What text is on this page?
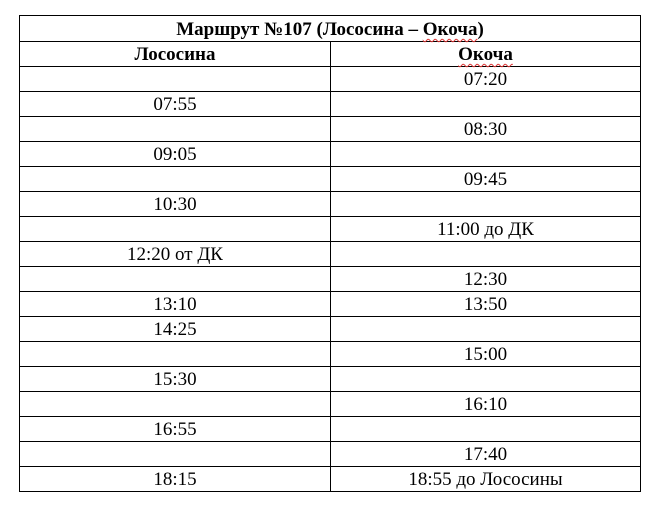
Маршрут №107 (Лососина – Окоча)	
Лососина	Окоча
	07:20
07:55	
	08:30
09:05	
	09:45
10:30	
	11:00 до ДК
12:20 от ДК	
	12:30
13:10	13:50
14:25	
	15:00
15:30	
	16:10
16:55	
	17:40
18:15	18:55 до Лососины
